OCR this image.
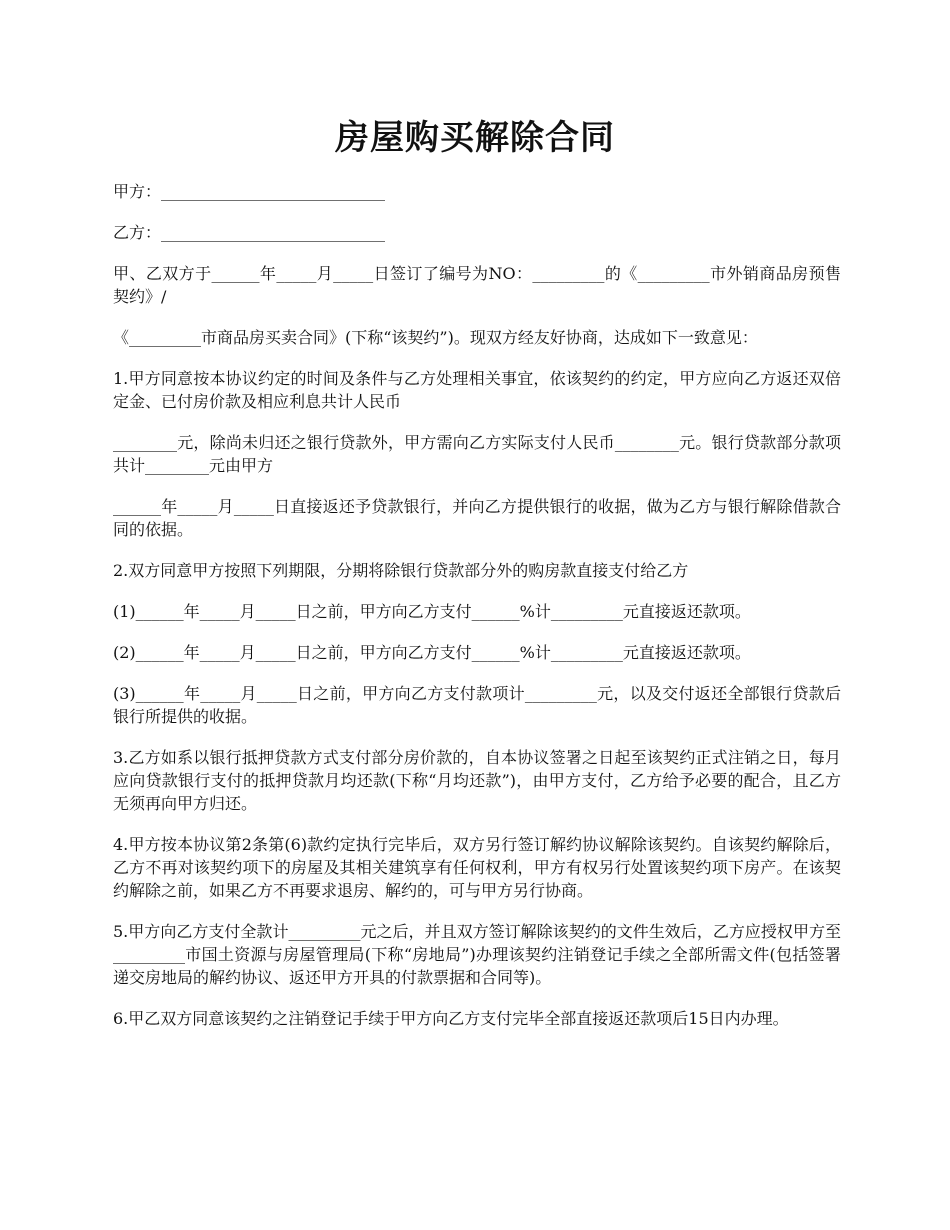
房屋购买解除合同

甲方：____________________________

乙方：____________________________

甲、乙双方于______年_____月_____日签订了编号为NO：_________的《_________市外销商品房预售契约》/

《_________市商品房买卖合同》(下称“该契约”)。现双方经友好协商，达成如下一致意见：

1.甲方同意按本协议约定的时间及条件与乙方处理相关事宜，依该契约的约定，甲方应向乙方返还双倍定金、已付房价款及相应利息共计人民币

________元，除尚未归还之银行贷款外，甲方需向乙方实际支付人民币________元。银行贷款部分款项共计________元由甲方

______年_____月_____日直接返还予贷款银行，并向乙方提供银行的收据，做为乙方与银行解除借款合同的依据。

2.双方同意甲方按照下列期限，分期将除银行贷款部分外的购房款直接支付给乙方

(1)______年_____月_____日之前，甲方向乙方支付______%计_________元直接返还款项。

(2)______年_____月_____日之前，甲方向乙方支付______%计_________元直接返还款项。

(3)______年_____月_____日之前，甲方向乙方支付款项计_________元，以及交付返还全部银行贷款后银行所提供的收据。

3.乙方如系以银行抵押贷款方式支付部分房价款的，自本协议签署之日起至该契约正式注销之日，每月应向贷款银行支付的抵押贷款月均还款(下称“月均还款”)，由甲方支付，乙方给予必要的配合，且乙方无须再向甲方归还。

4.甲方按本协议第2条第(6)款约定执行完毕后，双方另行签订解约协议解除该契约。自该契约解除后，乙方不再对该契约项下的房屋及其相关建筑享有任何权利，甲方有权另行处置该契约项下房产。在该契约解除之前，如果乙方不再要求退房、解约的，可与甲方另行协商。

5.甲方向乙方支付全款计_________元之后，并且双方签订解除该契约的文件生效后，乙方应授权甲方至_________市国土资源与房屋管理局(下称“房地局”)办理该契约注销登记手续之全部所需文件(包括签署递交房地局的解约协议、返还甲方开具的付款票据和合同等)。

6.甲乙双方同意该契约之注销登记手续于甲方向乙方支付完毕全部直接返还款项后15日内办理。
